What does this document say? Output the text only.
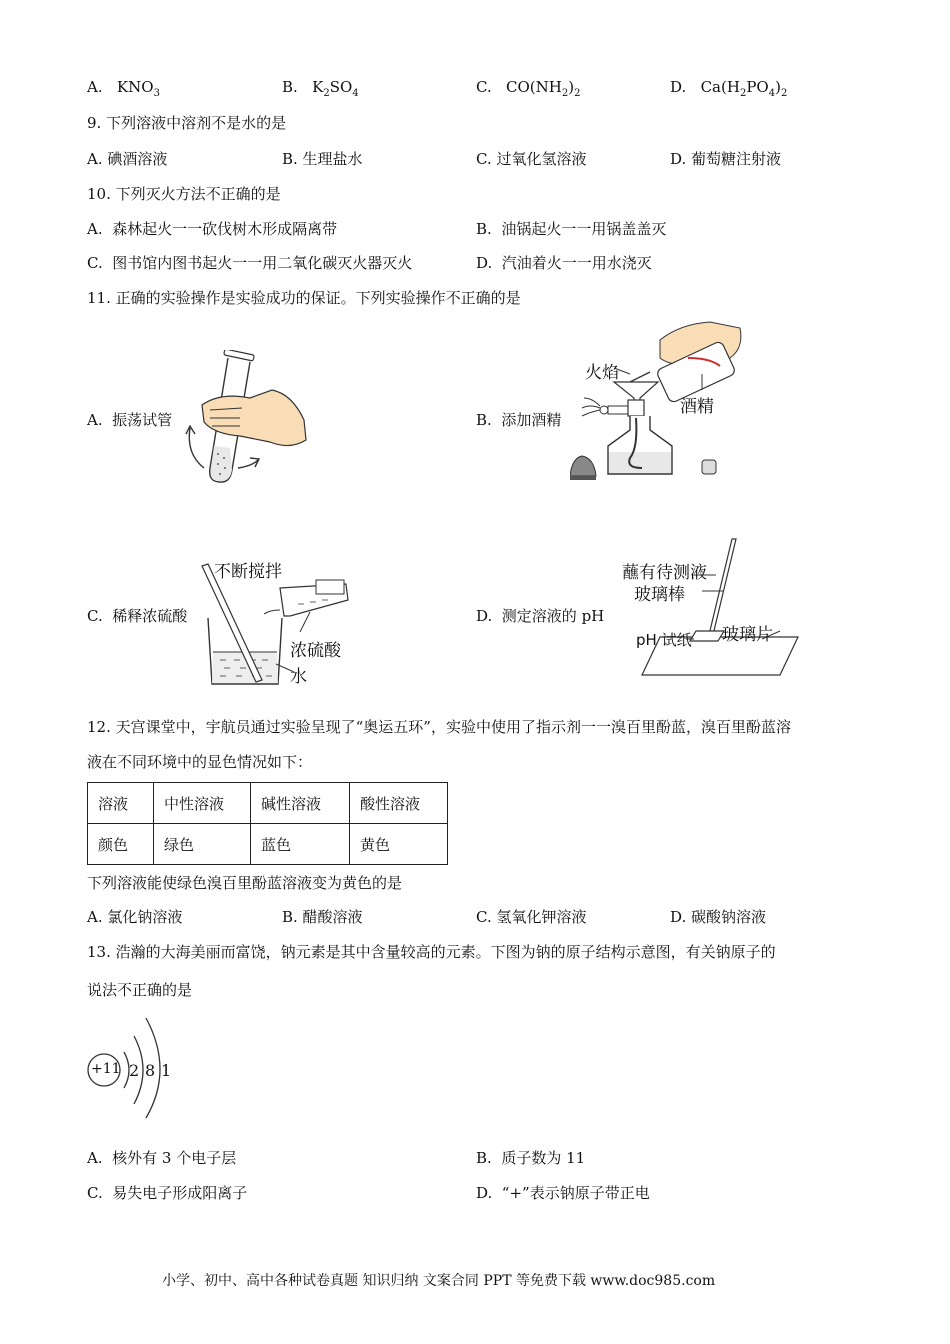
A. $KNO_3$	B. $K_2SO_4$	C. $CO(NH_2)_2$	D. $Ca(H_2PO_4)_2$
9. 下列溶液中溶剂不是水的是
A. 碘酒溶液	B. 生理盐水	C. 过氧化氢溶液	D. 葡萄糖注射液
10. 下列灭火方法不正确的是
A.  森林起火一一砍伐树木形成隔离带	B.  油锅起火一一用锅盖盖灭
C.  图书馆内图书起火一一用二氧化碳灭火器灭火	D.  汽油着火一一用水浇灭
11. 正确的实验操作是实验成功的保证。下列实验操作不正确的是
A.  振荡试管	B.  添加酒精
C.  稀释浓硫酸	D.  测定溶液的 pH
火焰
酒精
不断搅拌
浓硫酸
水
蘸有待测液
玻璃棒
pH 试纸 玻璃片
12. 天宫课堂中，宇航员通过实验呈现了“奥运五环”，实验中使用了指示剂一一溴百里酚蓝，溴百里酚蓝溶
液在不同环境中的显色情况如下：
溶液	中性溶液	碱性溶液	酸性溶液
颜色	绿色	蓝色	黄色
下列溶液能使绿色溴百里酚蓝溶液变为黄色的是
A. 氯化钠溶液	B. 醋酸溶液	C. 氢氧化钾溶液	D. 碳酸钠溶液
13. 浩瀚的大海美丽而富饶，钠元素是其中含量较高的元素。下图为钠的原子结构示意图，有关钠原子的
说法不正确的是
+11 2 8 1
A.  核外有 3 个电子层	B.  质子数为 11
C.  易失电子形成阳离子	D.  “+”表示钠原子带正电
小学、初中、高中各种试卷真题 知识归纳 文案合同 PPT 等免费下载 www.doc985.com
